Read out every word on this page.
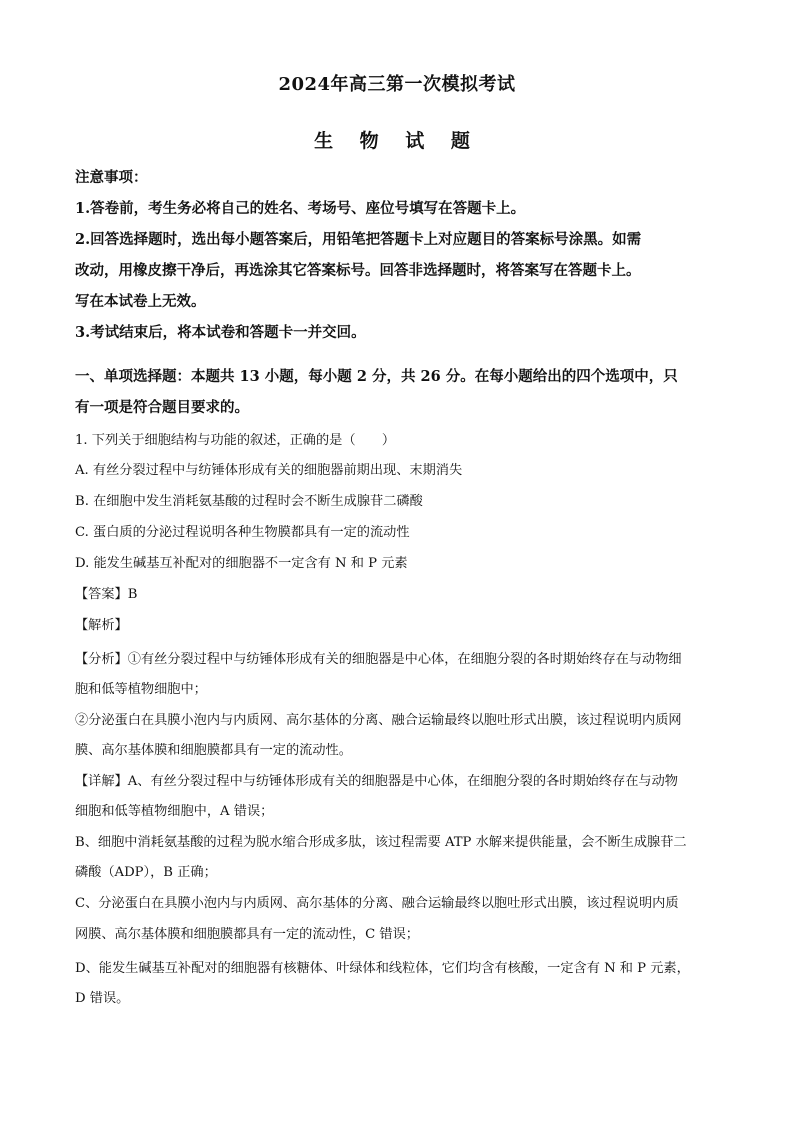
2024年高三第一次模拟考试
生 物 试 题
注意事项：
1.答卷前，考生务必将自己的姓名、考场号、座位号填写在答题卡上。
2.回答选择题时，选出每小题答案后，用铅笔把答题卡上对应题目的答案标号涂黑。如需
改动，用橡皮擦干净后，再选涂其它答案标号。回答非选择题时，将答案写在答题卡上。
写在本试卷上无效。
3.考试结束后，将本试卷和答题卡一并交回。
一、单项选择题：本题共 13 小题，每小题 2 分，共 26 分。在每小题给出的四个选项中，只
有一项是符合题目要求的。
1. 下列关于细胞结构与功能的叙述，正确的是（　　）
A. 有丝分裂过程中与纺锤体形成有关的细胞器前期出现、末期消失
B. 在细胞中发生消耗氨基酸的过程时会不断生成腺苷二磷酸
C. 蛋白质的分泌过程说明各种生物膜都具有一定的流动性
D. 能发生碱基互补配对的细胞器不一定含有 N 和 P 元素
【答案】B
【解析】
【分析】①有丝分裂过程中与纺锤体形成有关的细胞器是中心体，在细胞分裂的各时期始终存在与动物细
胞和低等植物细胞中；
②分泌蛋白在具膜小泡内与内质网、高尔基体的分离、融合运输最终以胞吐形式出膜，该过程说明内质网
膜、高尔基体膜和细胞膜都具有一定的流动性。
【详解】A、有丝分裂过程中与纺锤体形成有关的细胞器是中心体，在细胞分裂的各时期始终存在与动物
细胞和低等植物细胞中，A 错误；
B、细胞中消耗氨基酸的过程为脱水缩合形成多肽，该过程需要 ATP 水解来提供能量，会不断生成腺苷二
磷酸（ADP），B 正确；
C、分泌蛋白在具膜小泡内与内质网、高尔基体的分离、融合运输最终以胞吐形式出膜，该过程说明内质
网膜、高尔基体膜和细胞膜都具有一定的流动性，C 错误；
D、能发生碱基互补配对的细胞器有核糖体、叶绿体和线粒体，它们均含有核酸，一定含有 N 和 P 元素，
D 错误。
